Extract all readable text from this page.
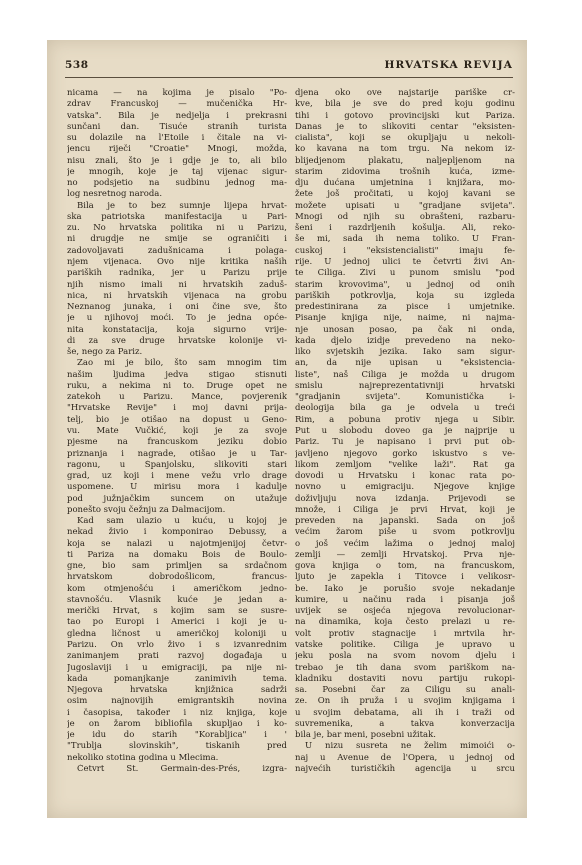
538	HRVATSKA REVIJA
nicama — na kojima je pisalo "Po-
zdrav Francuskoj — mučenička Hr-
vatska". Bila je nedjelja i prekrasni
sunčani dan. Tisuće stranih turista
su dolazile na l'Etoile i čitale na vi-
jencu riječi "Croatie" Mnogi, možda,
nisu znali, što je i gdje je to, ali bilo
je mnogih, koje je taj vijenac sigur-
no podsjetio na sudbinu jednog ma-
log nesretnog naroda.
Bila je to bez sumnje lijepa hrvat-
ska patriotska manifestacija u Pari-
zu. No hrvatska politika ni u Parizu,
ni drugdje ne smije se ograničiti i
zadovoljavati zadušnicama i polaga-
njem vijenaca. Ovo nije kritika naših
pariških radnika, jer u Parizu prije
njih nismo imali ni hrvatskih zaduš-
nica, ni hrvatskih vijenaca na grobu
Neznanog junaka, i oni čine sve, što
je u njihovoj moći. To je jedna opće-
nita konstatacija, koja sigurno vrije-
di za sve druge hrvatske kolonije vi-
še, nego za Pariz.
Zao mi je bilo, što sam mnogim tim
našim ljudima jedva stigao stisnuti
ruku, a nekima ni to. Druge opet ne
zatekoh u Parizu. Mance, povjerenik
"Hrvatske Revije" i moj davni prija-
telj, bio je otišao na dopust u Geno-
vu. Mate Vučkić, koji je za svoje
pjesme na francuskom jeziku dobio
priznanja i nagrade, otišao je u Tar-
ragonu, u Španjolsku, slikoviti stari
grad, uz koji i mene vežu vrlo drage
uspomene. U mirisu mora i kadulje
pod južnjačkim suncem on utažuje
ponešto svoju čežnju za Dalmacijom.
Kad sam ulazio u kuću, u kojoj je
nekad živio i komponirao Debussy, a
koja se nalazi u najotmjenijoj četvr-
ti Pariza na domaku Bois de Boulo-
gne, bio sam primljen sa srdačnom
hrvatskom dobrodošlicom, francus-
kom otmjenošću i američkom jedno-
stavnošću. Vlasnik kuće je jedan a-
merički Hrvat, s kojim sam se susre-
tao po Europi i Americi i koji je u-
gledna ličnost u američkoj koloniji u
Parizu. On vrlo živo i s izvanrednim
zanimanjem prati razvoj događaja u
Jugoslaviji i u emigraciji, pa nije ni-
kada pomanjkanje zanimivih tema.
Njegova hrvatska knjižnica sadrži
osim najnovijih emigrantskih novina
i časopisa, također i niz knjiga, koje
je on žarom bibliofila skupljao i ko-
je idu do starih "Korabljica" i '
"Trublja slovinskih", tiskanih pred
nekoliko stotina godina u Mlecima.
Četvrt St. Germain-des-Prés, izgra-
djena oko ove najstarije pariške cr-
kve, bila je sve do pred koju godinu
tihi i gotovo provincijski kut Pariza.
Danas je to slikoviti centar "eksisten-
cialista", koji se okupljaju u nekoli-
ko kavana na tom trgu. Na nekom iz-
blijedjenom plakatu, naljepljenom na
starim zidovima trošnih kuća, izme-
dju dućana umjetnina i knjižara, mo-
žete još pročitati, u kojoj kavani se
možete upisati u "gradjane svijeta".
Mnogi od njih su obrašteni, razbaru-
šeni i razdrljenih košulja. Ali, reko-
še mi, sada ih nema toliko. U Fran-
cuskoj i "eksistencialisti" imaju fe-
rije. U jednoj ulici te četvrti živi An-
te Ciliga. Živi u punom smislu "pod
starim krovovima", u jednoj od onih
pariških potkrovlja, koja su izgleda
predestinirana za pisce i umjetnike.
Pisanje knjiga nije, naime, ni najma-
nje unosan posao, pa čak ni onda,
kada djelo izidje prevedeno na neko-
liko svjetskih jezika. Iako sam sigur-
an, da nije upisan u "eksistencia-
liste", naš Ciliga je možda u drugom
smislu najreprezentativniji hrvatski
"gradjanin svijeta". Komunistička i-
deologija bila ga je odvela u treći
Rim, a pobuna protiv njega u Sibir.
Put u slobodu doveo ga je najprije u
Pariz. Tu je napisano i prvi put ob-
javljeno njegovo gorko iskustvo s ve-
likom zemljom "velike laži". Rat ga
dovodi u Hrvatsku i konac rata po-
novno u emigraciju. Njegove knjige
doživljuju nova izdanja. Prijevodi se
množe, i Ciliga je prvi Hrvat, koji je
preveden na japanski. Sada on još
većim žarom piše u svom potkrovlju
o još većim lažima o jednoj maloj
zemlji — zemlji Hrvatskoj. Prva nje-
gova knjiga o tom, na francuskom,
ljuto je zapekla i Titovce i velikosr-
be. Iako je porušio svoje nekadanje
kumire, u načinu rada i pisanja još
uvijek se osjeća njegova revolucionar-
na dinamika, koja često prelazi u re-
volt protiv stagnacije i mrtvila hr-
vatske politike. Ciliga je upravo u
jeku posla na svom novom djelu i
trebao je tih dana svom pariškom na-
kladniku dostaviti novu partiju rukopi-
sa. Posebni čar za Ciligu su anali-
ze. On ih pruža i u svojim knjigama i
u svojim debatama, ali ih i traži od
suvremenika, a takva konverzacija
bila je, bar meni, posebni užitak.
U nizu susreta ne želim mimoići o-
naj u Avenue de l'Opera, u jednoj od
najvećih turističkih agencija u srcu
